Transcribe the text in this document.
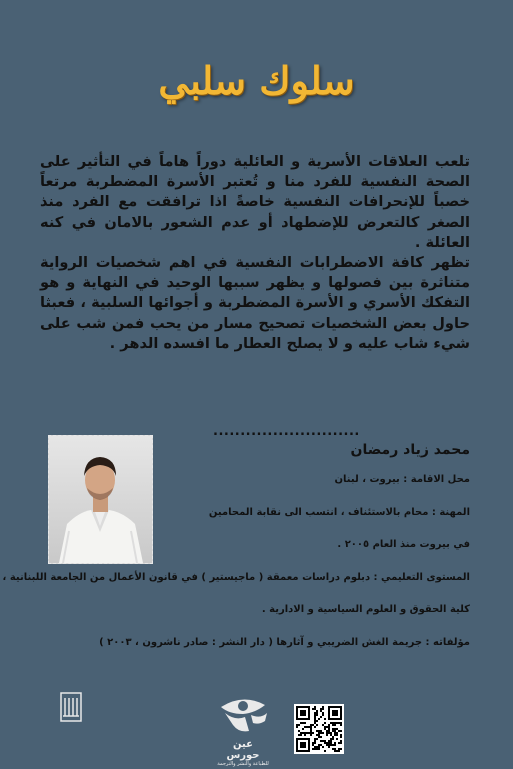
سلوك سلبي

تلعب العلاقات الأسرية و العائلية دوراً هاماً في التأثير على الصحة النفسية للفرد منا و تُعتبر الأسرة المضطربة مرتعاً خصباً للإنحرافات النفسية خاصةً اذا ترافقت مع الفرد منذ الصغر كالتعرض للإضطهاد أو عدم الشعور بالامان في كنه العائلة .

تظهر كافة الاضطرابات النفسية في اهم شخصيات الرواية متناثرة بين فصولها و يظهر سببها الوحيد في النهاية و هو التفكك الأسري و الأسرة المضطربة و أجوائها السلبية ، فعبثا حاول بعض الشخصيات تصحيح مسار من يحب فمن شب على شيء شاب عليه و لا يصلح العطار ما افسده الدهر .

...........................
محمد زياد رمضان
محل الاقامة : بيروت ، لبنان
المهنة : محام بالاستئناف ، انتسب الى نقابة المحامين
في بيروت منذ العام ٢٠٠٥ .
المستوى التعليمي : دبلوم دراسات معمقة ( ماجيستير ) في قانون الأعمال من الجامعة اللبنانية ،
كلية الحقوق و العلوم السياسية و الادارية .
مؤلفاته : جريمة الغش الضريبي و آثارها ( دار النشر : صادر ناشرون ، ٢٠٠٣ )
عين حورس
للطباعة والنشر والترجمة
